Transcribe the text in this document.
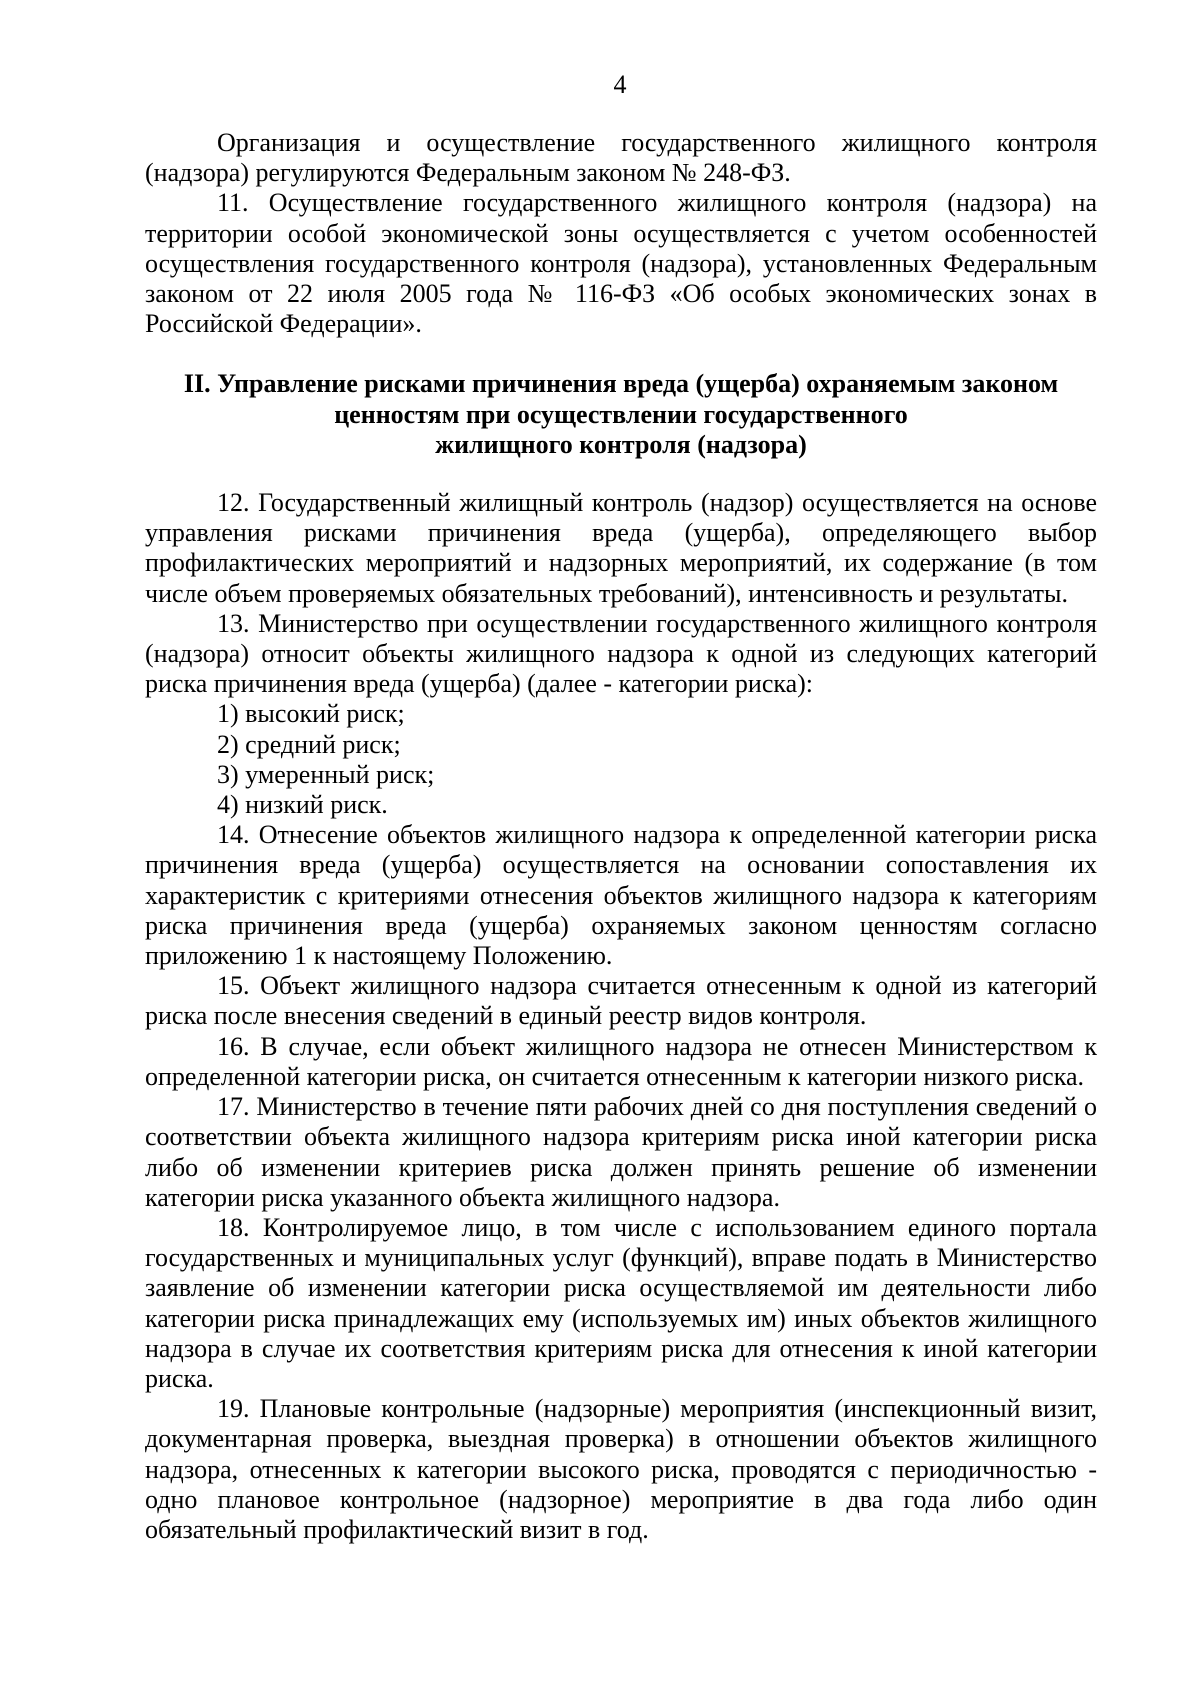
4

Организация и осуществление государственного жилищного контроля (надзора) регулируются Федеральным законом № 248-ФЗ.

11. Осуществление государственного жилищного контроля (надзора) на территории особой экономической зоны осуществляется с учетом особенностей осуществления государственного контроля (надзора), установленных Федеральным законом от 22 июля 2005 года № 116-ФЗ «Об особых экономических зонах в Российской Федерации».

II. Управление рисками причинения вреда (ущерба) охраняемым законом
ценностям при осуществлении государственного
жилищного контроля (надзора)

12. Государственный жилищный контроль (надзор) осуществляется на основе управления рисками причинения вреда (ущерба), определяющего выбор профилактических мероприятий и надзорных мероприятий, их содержание (в том числе объем проверяемых обязательных требований), интенсивность и результаты.

13. Министерство при осуществлении государственного жилищного контроля (надзора) относит объекты жилищного надзора к одной из следующих категорий риска причинения вреда (ущерба) (далее - категории риска):

1) высокий риск;

2) средний риск;

3) умеренный риск;

4) низкий риск.

14. Отнесение объектов жилищного надзора к определенной категории риска причинения вреда (ущерба) осуществляется на основании сопоставления их характеристик с критериями отнесения объектов жилищного надзора к категориям риска причинения вреда (ущерба) охраняемых законом ценностям согласно приложению 1 к настоящему Положению.

15. Объект жилищного надзора считается отнесенным к одной из категорий риска после внесения сведений в единый реестр видов контроля.

16. В случае, если объект жилищного надзора не отнесен Министерством к определенной категории риска, он считается отнесенным к категории низкого риска.

17. Министерство в течение пяти рабочих дней со дня поступления сведений о соответствии объекта жилищного надзора критериям риска иной категории риска либо об изменении критериев риска должен принять решение об изменении категории риска указанного объекта жилищного надзора.

18. Контролируемое лицо, в том числе с использованием единого портала государственных и муниципальных услуг (функций), вправе подать в Министерство заявление об изменении категории риска осуществляемой им деятельности либо категории риска принадлежащих ему (используемых им) иных объектов жилищного надзора в случае их соответствия критериям риска для отнесения к иной категории риска.

19. Плановые контрольные (надзорные) мероприятия (инспекционный визит, документарная проверка, выездная проверка) в отношении объектов жилищного надзора, отнесенных к категории высокого риска, проводятся с периодичностью - одно плановое контрольное (надзорное) мероприятие в два года либо один обязательный профилактический визит в год.
